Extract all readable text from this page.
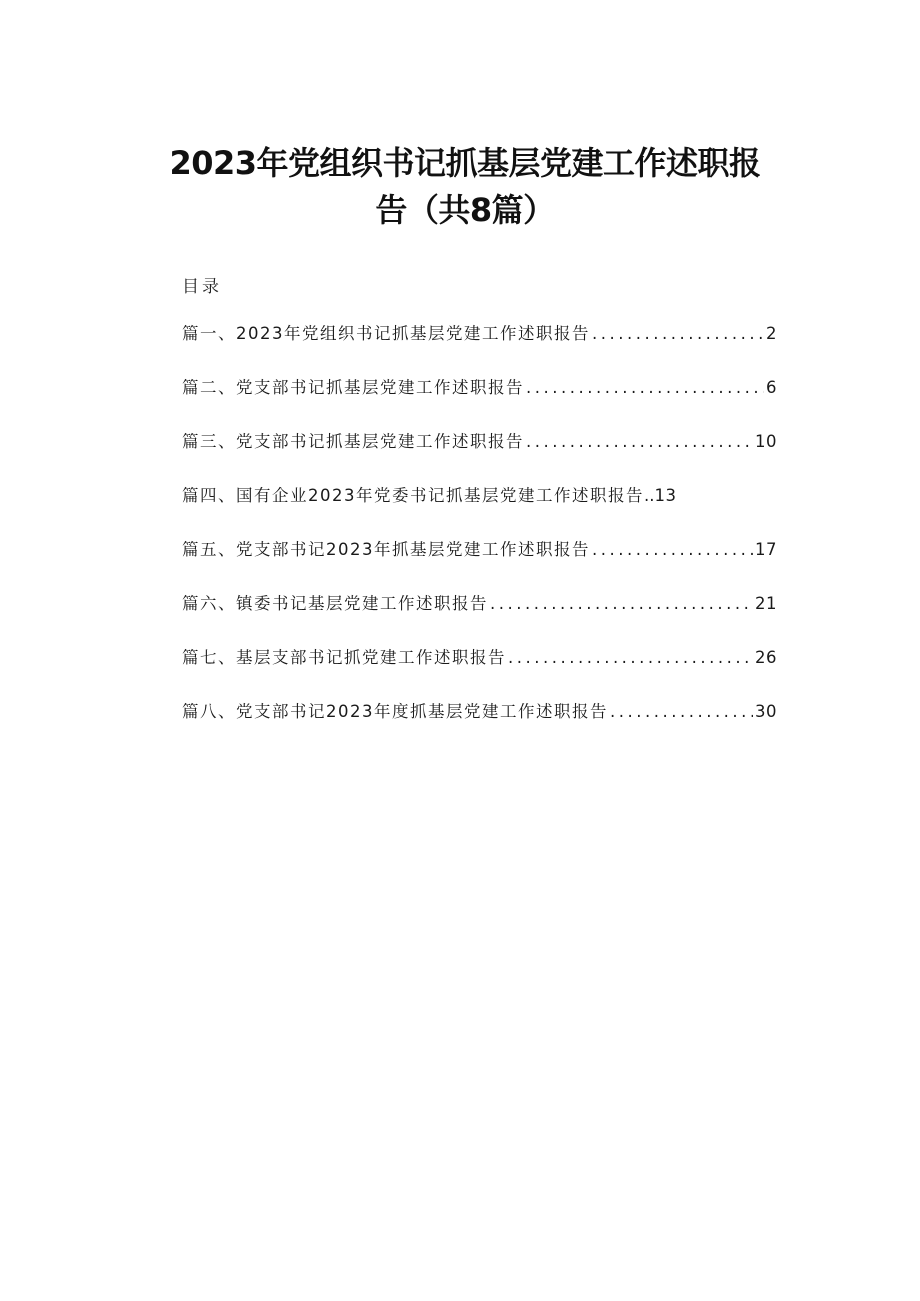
2023年党组织书记抓基层党建工作述职报
告（共8篇）
目录
篇一、2023年党组织书记抓基层党建工作述职报告 .....	2
篇二、党支部书记抓基层党建工作述职报告 .....	6
篇三、党支部书记抓基层党建工作述职报告 .....	10
篇四、国有企业2023年党委书记抓基层党建工作述职报告 .. 13
篇五、党支部书记2023年抓基层党建工作述职报告 .....	17
篇六、镇委书记基层党建工作述职报告 .....	21
篇七、基层支部书记抓党建工作述职报告 .....	26
篇八、党支部书记2023年度抓基层党建工作述职报告 .....	30
